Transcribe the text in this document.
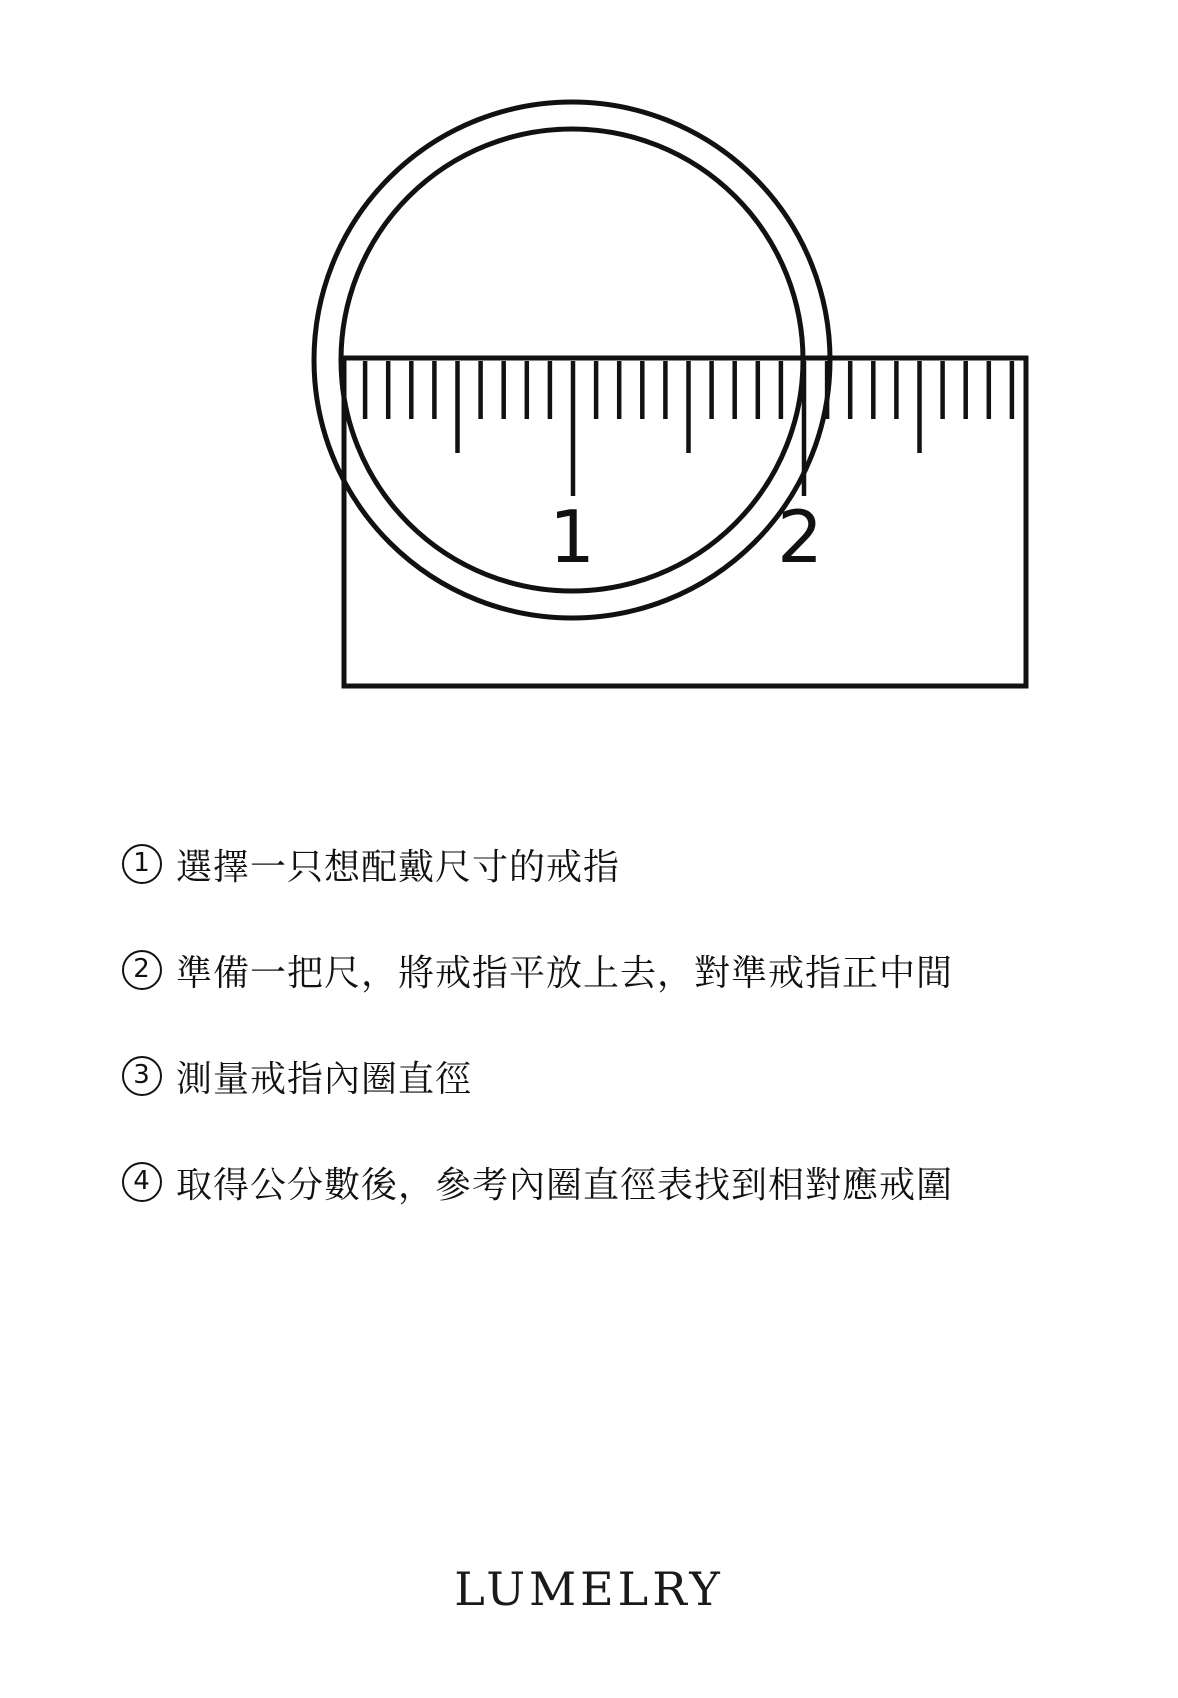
1	2
1 選擇一只想配戴尺寸的戒指
2 準備一把尺，將戒指平放上去，對準戒指正中間
3 測量戒指內圈直徑
4 取得公分數後，參考內圈直徑表找到相對應戒圍
LUMELRY
